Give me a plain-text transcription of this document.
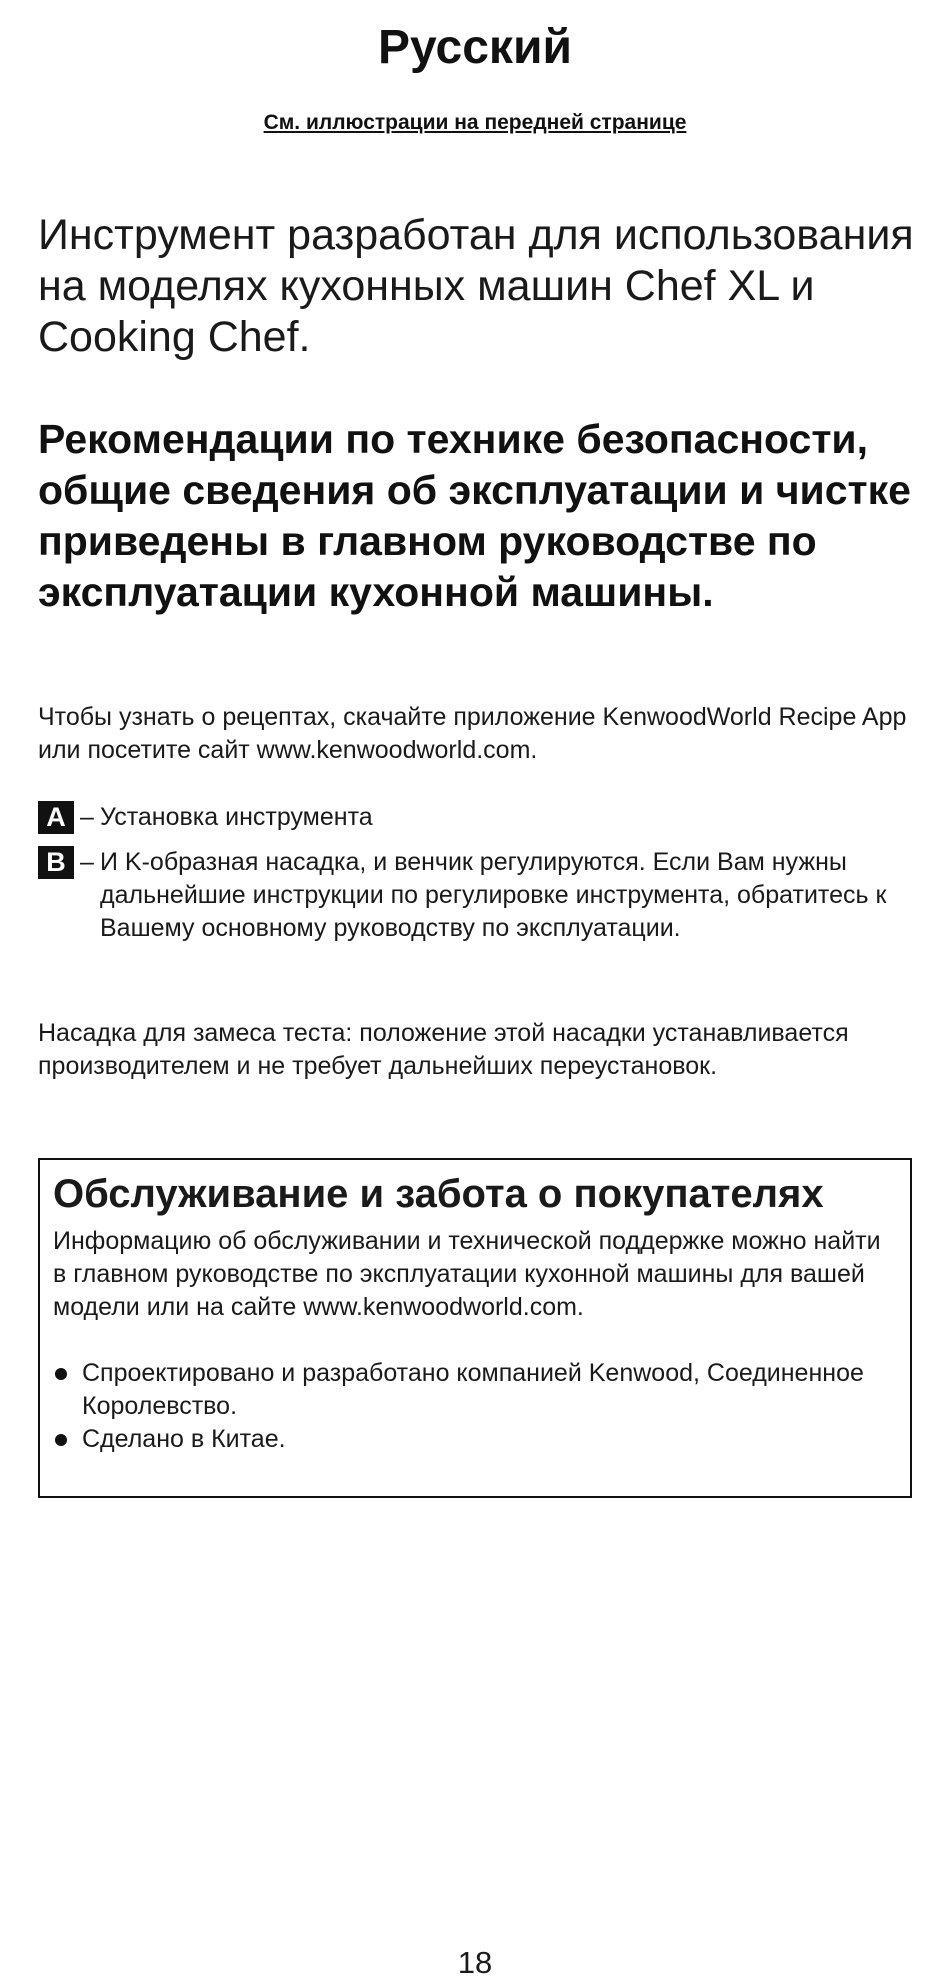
Русский
См. иллюстрации на передней странице

Инструмент разработан для использования на моделях кухонных машин Chef XL и Cooking Chef.

Рекомендации по технике безопасности, общие сведения об эксплуатации и чистке приведены в главном руководстве по эксплуатации кухонной машины.

Чтобы узнать о рецептах, скачайте приложение KenwoodWorld Recipe App или посетите сайт www.kenwoodworld.com.

A – Установка инструмента
B – И K-образная насадка, и венчик регулируются. Если Вам нужны дальнейшие инструкции по регулировке инструмента, обратитесь к Вашему основному руководству по эксплуатации.

Насадка для замеса теста: положение этой насадки устанавливается производителем и не требует дальнейших переустановок.

Обслуживание и забота о покупателях

Информацию об обслуживании и технической поддержке можно найти в главном руководстве по эксплуатации кухонной машины для вашей модели или на сайте www.kenwoodworld.com.

Спроектировано и разработано компанией Kenwood, Соединенное Королевство.
Сделано в Китае.
18
